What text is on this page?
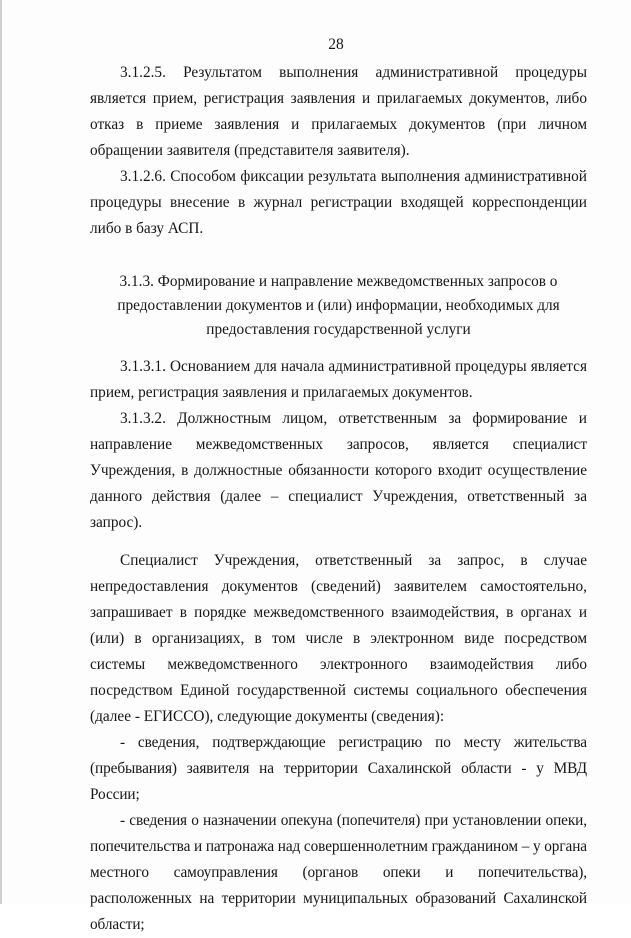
28

3.1.2.5. Результатом выполнения административной процедуры является прием, регистрация заявления и прилагаемых документов, либо отказ в приеме заявления и прилагаемых документов (при личном обращении заявителя (представителя заявителя).

3.1.2.6. Способом фиксации результата выполнения административной процедуры внесение в журнал регистрации входящей корреспонденции либо в базу АСП.

3.1.3. Формирование и направление межведомственных запросов о

предоставлении документов и (или) информации, необходимых для

предоставления государственной услуги

3.1.3.1. Основанием для начала административной процедуры является прием, регистрация заявления и прилагаемых документов.

3.1.3.2. Должностным лицом, ответственным за формирование и направление межведомственных запросов, является специалист Учреждения, в должностные обязанности которого входит осуществление данного действия (далее – специалист Учреждения, ответственный за запрос).

Специалист Учреждения, ответственный за запрос, в случае непредоставления документов (сведений) заявителем самостоятельно, запрашивает в порядке межведомственного взаимодействия, в органах и (или) в организациях, в том числе в электронном виде посредством системы межведомственного электронного взаимодействия либо посредством Единой государственной системы социального обеспечения (далее - ЕГИССО), следующие документы (сведения):

- сведения, подтверждающие регистрацию по месту жительства (пребывания) заявителя на территории Сахалинской области - у МВД России;

- сведения о назначении опекуна (попечителя) при установлении опеки, попечительства и патронажа над совершеннолетним гражданином – у органа местного самоуправления (органов опеки и попечительства), расположенных на территории муниципальных образований Сахалинской области;
